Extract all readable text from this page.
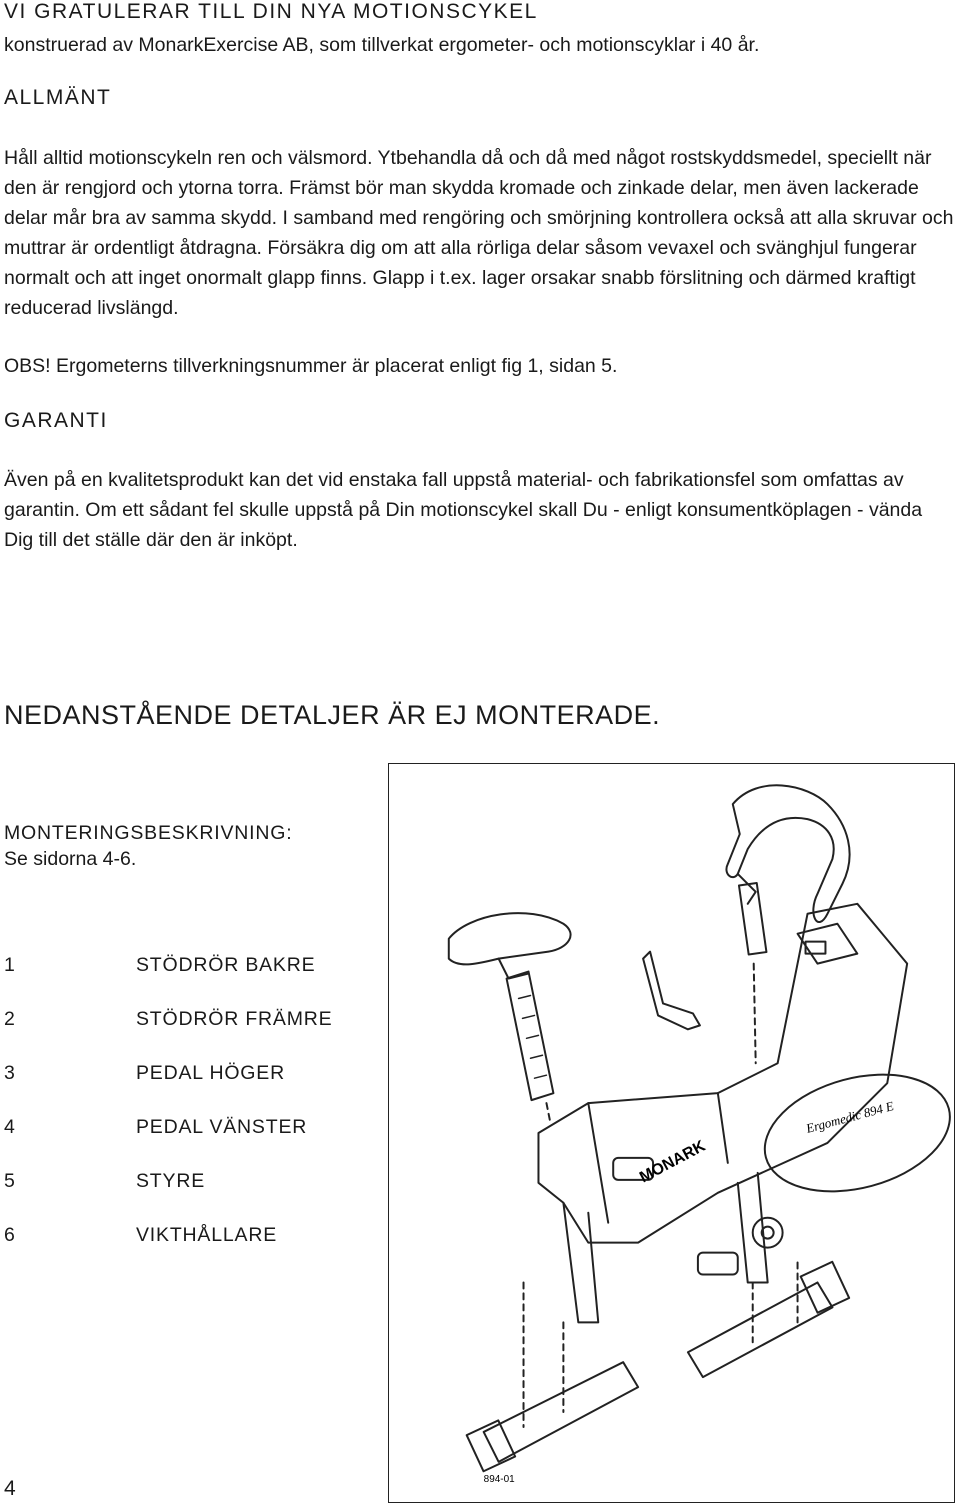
VI GRATULERAR TILL DIN NYA MOTIONSCYKEL

konstruerad av MonarkExercise AB, som tillverkat ergometer- och motionscyklar i 40 år.

ALLMÄNT

Håll alltid motionscykeln ren och välsmord. Ytbehandla då och då med något rostskyddsmedel, speciellt när den är rengjord och ytorna torra. Främst bör man skydda kromade och zinkade delar, men även lackerade delar mår bra av samma skydd. I samband med rengöring och smörjning kontrollera också att alla skruvar och muttrar är ordentligt åtdragna. Försäkra dig om att alla rörliga delar såsom vevaxel och svänghjul fungerar normalt och att inget onormalt glapp finns. Glapp i t.ex. lager orsakar snabb förslitning och därmed kraftigt reducerad livslängd.

OBS! Ergometerns tillverkningsnummer är placerat enligt fig 1, sidan 5.

GARANTI

Även på en kvalitetsprodukt kan det vid enstaka fall uppstå material- och fabrikationsfel som omfattas av garantin. Om ett sådant fel skulle uppstå på Din motionscykel skall Du - enligt konsumentköplagen - vända Dig till det ställe där den är inköpt.

NEDANSTÅENDE DETALJER ÄR EJ MONTERADE.
MONTERINGSBESKRIVNING:

Se sidorna 4-6.

1	STÖDRÖR BAKRE
2	STÖDRÖR FRÄMRE
3	PEDAL HÖGER
4	PEDAL VÄNSTER
5	STYRE
6	VIKTHÅLLARE
MONARK
Ergomedic 894 E
894-01

4
